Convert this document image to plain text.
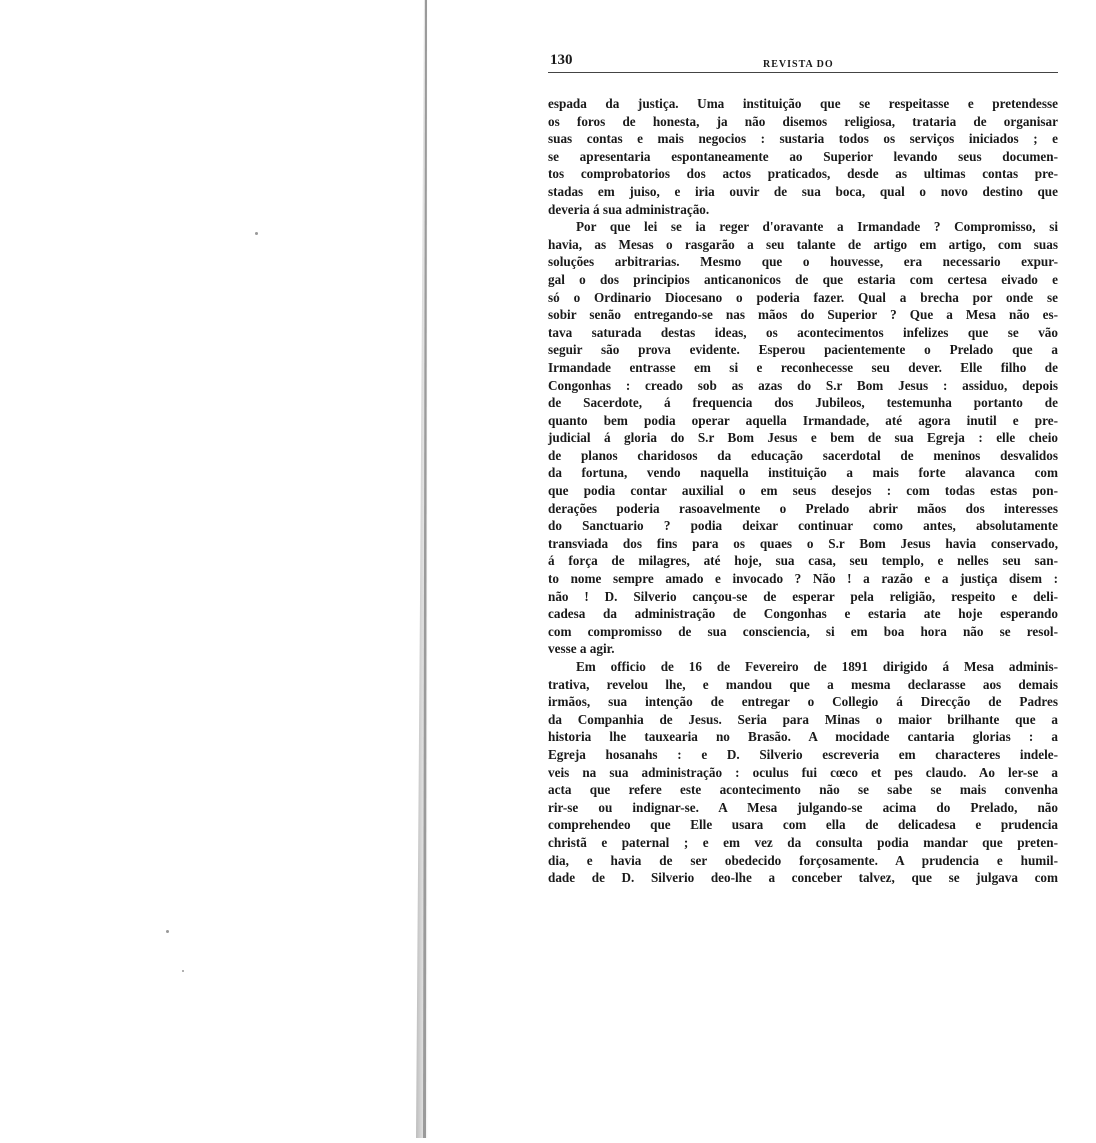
130	REVISTA DO
espada da justiça. Uma instituição que se respeitasse e pretendesse
os foros de honesta, ja não disemos religiosa, trataria de organisar
suas contas e mais negocios : sustaria todos os serviços iniciados ; e
se apresentaria espontaneamente ao Superior levando seus documen-
tos comprobatorios dos actos praticados, desde as ultimas contas pre-
stadas em juiso, e iria ouvir de sua boca, qual o novo destino que
deveria á sua administração.
Por que lei se ia reger d'oravante a Irmandade ? Compromisso, si
havia, as Mesas o rasgarão a seu talante de artigo em artigo, com suas
soluções arbitrarias. Mesmo que o houvesse, era necessario expur-
gal o dos principios anticanonicos de que estaria com certesa eivado e
só o Ordinario Diocesano o poderia fazer. Qual a brecha por onde se
sobir senão entregando-se nas mãos do Superior ? Que a Mesa não es-
tava saturada destas ideas, os acontecimentos infelizes que se vão
seguir são prova evidente. Esperou pacientemente o Prelado que a
Irmandade entrasse em si e reconhecesse seu dever. Elle filho de
Congonhas : creado sob as azas do S.r Bom Jesus : assiduo, depois
de Sacerdote, á frequencia dos Jubileos, testemunha portanto de
quanto bem podia operar aquella Irmandade, até agora inutil e pre-
judicial á gloria do S.r Bom Jesus e bem de sua Egreja : elle cheio
de planos charidosos da educação sacerdotal de meninos desvalidos
da fortuna, vendo naquella instituição a mais forte alavanca com
que podia contar auxilial o em seus desejos : com todas estas pon-
derações poderia rasoavelmente o Prelado abrir mãos dos interesses
do Sanctuario ? podia deixar continuar como antes, absolutamente
transviada dos fins para os quaes o S.r Bom Jesus havia conservado,
á força de milagres, até hoje, sua casa, seu templo, e nelles seu san-
to nome sempre amado e invocado ? Não ! a razão e a justiça disem :
não ! D. Silverio cançou-se de esperar pela religião, respeito e deli-
cadesa da administração de Congonhas e estaria ate hoje esperando
com compromisso de sua consciencia, si em boa hora não se resol-
vesse a agir.
Em officio de 16 de Fevereiro de 1891 dirigido á Mesa adminis-
trativa, revelou lhe, e mandou que a mesma declarasse aos demais
irmãos, sua intenção de entregar o Collegio á Direcção de Padres
da Companhia de Jesus. Seria para Minas o maior brilhante que a
historia lhe tauxearia no Brasão. A mocidade cantaria glorias : a
Egreja hosanahs : e D. Silverio escreveria em characteres indele-
veis na sua administração : oculus fui cœco et pes claudo. Ao ler-se a
acta que refere este acontecimento não se sabe se mais convenha
rir-se ou indignar-se. A Mesa julgando-se acima do Prelado, não
comprehendeo que Elle usara com ella de delicadesa e prudencia
christã e paternal ; e em vez da consulta podia mandar que preten-
dia, e havia de ser obedecido forçosamente. A prudencia e humil-
dade de D. Silverio deo-lhe a conceber talvez, que se julgava com
